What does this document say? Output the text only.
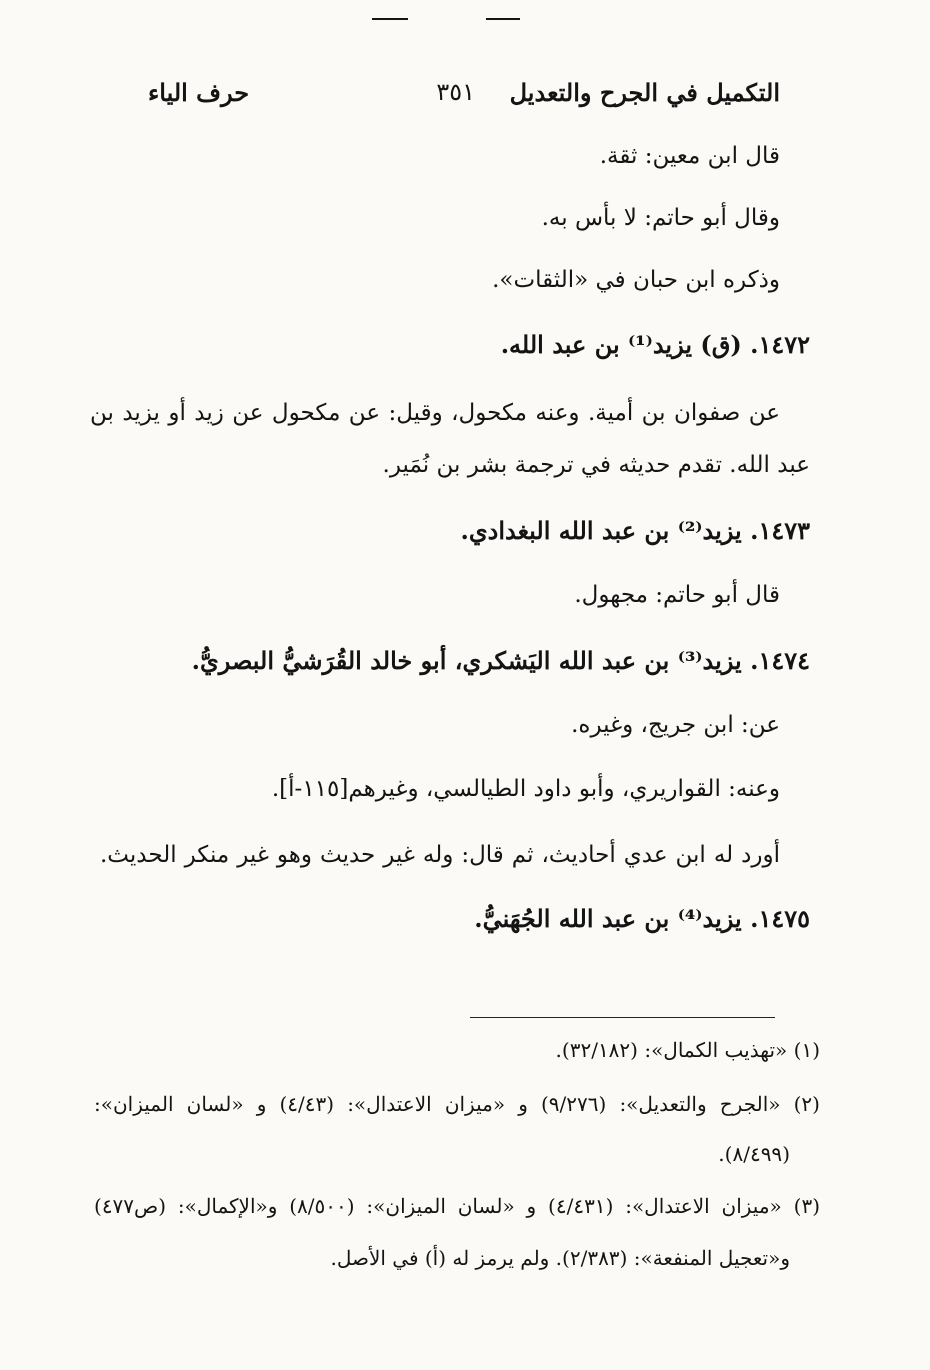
التكميل في الجرح والتعديل
٣٥١
حرف الياء
قال ابن معين: ثقة.
وقال أبو حاتم: لا بأس به.
وذكره ابن حبان في «الثقات».
١٤٧٢. (ق) يزيد⁽¹⁾ بن عبد الله.
عن صفوان بن أمية. وعنه مكحول، وقيل: عن مكحول عن زيد أو يزيد بن
عبد الله. تقدم حديثه في ترجمة بشر بن نُمَير.
١٤٧٣. يزيد⁽²⁾ بن عبد الله البغدادي.
قال أبو حاتم: مجهول.
١٤٧٤. يزيد⁽³⁾ بن عبد الله اليَشكري، أبو خالد القُرَشيُّ البصريُّ.
عن: ابن جريج، وغيره.
وعنه: القواريري، وأبو داود الطيالسي، وغيرهم[١١٥-أ].
أورد له ابن عدي أحاديث، ثم قال: وله غير حديث وهو غير منكر الحديث.
١٤٧٥. يزيد⁽⁴⁾ بن عبد الله الجُهَنيُّ.
(١) «تهذيب الكمال»: (٣٢/١٨٢).
(٢) «الجرح والتعديل»: (٩/٢٧٦) و «ميزان الاعتدال»: (٤/٤٣) و «لسان الميزان»:
(٨/٤٩٩).
(٣) «ميزان الاعتدال»: (٤/٤٣١) و «لسان الميزان»: (٨/٥٠٠) و«الإكمال»: (ص٤٧٧)
و«تعجيل المنفعة»: (٢/٣٨٣). ولم يرمز له (أ) في الأصل.
